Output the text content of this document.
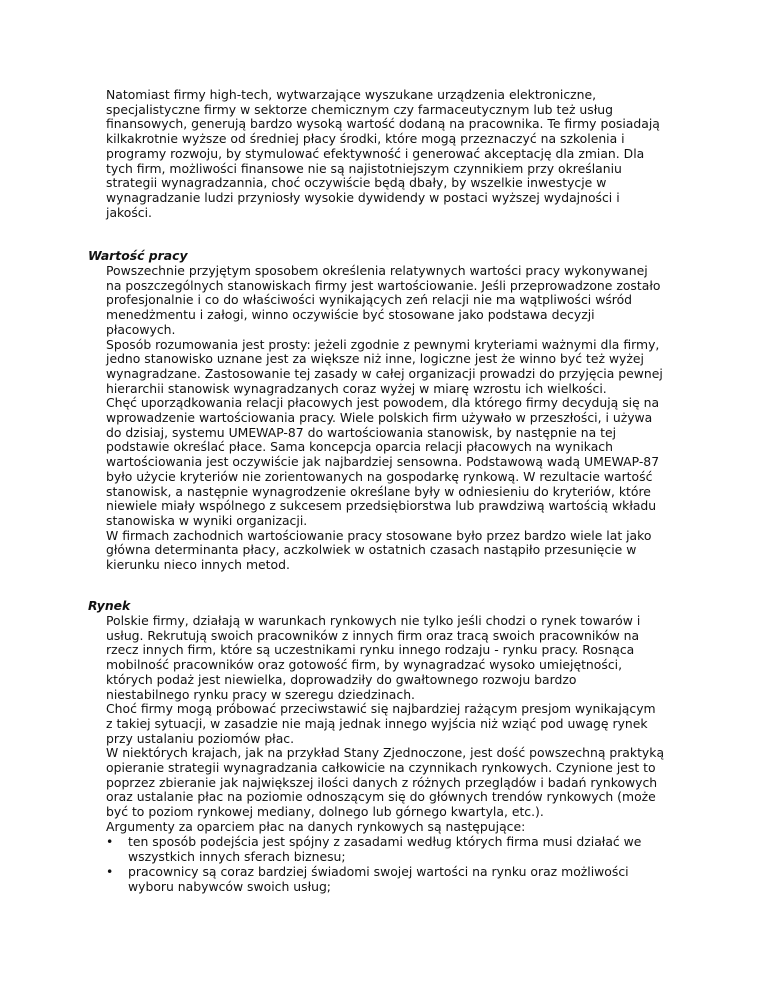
Natomiast firmy high-tech, wytwarzające wyszukane urządzenia elektroniczne,
specjalistyczne firmy w sektorze chemicznym czy farmaceutycznym lub też usług
finansowych, generują bardzo wysoką wartość dodaną na pracownika. Te firmy posiadają
kilkakrotnie wyższe od średniej płacy środki, które mogą przeznaczyć na szkolenia i
programy rozwoju, by stymulować efektywność i generować akceptację dla zmian. Dla
tych firm, możliwości finansowe nie są najistotniejszym czynnikiem przy określaniu
strategii wynagradzannia, choć oczywiście będą dbały, by wszelkie inwestycje w
wynagradzanie ludzi przyniosły wysokie dywidendy w postaci wyższej wydajności i
jakości.
Wartość pracy
Powszechnie przyjętym sposobem określenia relatywnych wartości pracy wykonywanej
na poszczególnych stanowiskach firmy jest wartościowanie. Jeśli przeprowadzone zostało
profesjonalnie i co do właściwości wynikających zeń relacji nie ma wątpliwości wśród
menedżmentu i załogi, winno oczywiście być stosowane jako podstawa decyzji
płacowych.
Sposób rozumowania jest prosty: jeżeli zgodnie z pewnymi kryteriami ważnymi dla firmy,
jedno stanowisko uznane jest za większe niż inne, logiczne jest że winno być też wyżej
wynagradzane. Zastosowanie tej zasady w całej organizacji prowadzi do przyjęcia pewnej
hierarchii stanowisk wynagradzanych coraz wyżej w miarę wzrostu ich wielkości.
Chęć uporządkowania relacji płacowych jest powodem, dla którego firmy decydują się na
wprowadzenie wartościowania pracy. Wiele polskich firm używało w przeszłości, i używa
do dzisiaj, systemu UMEWAP-87 do wartościowania stanowisk, by następnie na tej
podstawie określać płace. Sama koncepcja oparcia relacji płacowych na wynikach
wartościowania jest oczywiście jak najbardziej sensowna. Podstawową wadą UMEWAP-87
było użycie kryteriów nie zorientowanych na gospodarkę rynkową. W rezultacie wartość
stanowisk, a następnie wynagrodzenie określane były w odniesieniu do kryteriów, które
niewiele miały wspólnego z sukcesem przedsiębiorstwa lub prawdziwą wartością wkładu
stanowiska w wyniki organizacji.
W firmach zachodnich wartościowanie pracy stosowane było przez bardzo wiele lat jako
główna determinanta płacy, aczkolwiek w ostatnich czasach nastąpiło przesunięcie w
kierunku nieco innych metod.
Rynek
Polskie firmy, działają w warunkach rynkowych nie tylko jeśli chodzi o rynek towarów i
usług. Rekrutują swoich pracowników z innych firm oraz tracą swoich pracowników na
rzecz innych firm, które są uczestnikami rynku innego rodzaju - rynku pracy. Rosnąca
mobilność pracowników oraz gotowość firm, by wynagradzać wysoko umiejętności,
których podaż jest niewielka, doprowadziły do gwałtownego rozwoju bardzo
niestabilnego rynku pracy w szeregu dziedzinach.
Choć firmy mogą próbować przeciwstawić się najbardziej rażącym presjom wynikającym
z takiej sytuacji, w zasadzie nie mają jednak innego wyjścia niż wziąć pod uwagę rynek
przy ustalaniu poziomów płac.
W niektórych krajach, jak na przykład Stany Zjednoczone, jest dość powszechną praktyką
opieranie strategii wynagradzania całkowicie na czynnikach rynkowych. Czynione jest to
poprzez zbieranie jak największej ilości danych z różnych przeglądów i badań rynkowych
oraz ustalanie płac na poziomie odnoszącym się do głównych trendów rynkowych (może
być to poziom rynkowej mediany, dolnego lub górnego kwartyla, etc.).
Argumenty za oparciem płac na danych rynkowych są następujące:
•	ten sposób podejścia jest spójny z zasadami według których firma musi działać we
wszystkich innych sferach biznesu;
•	pracownicy są coraz bardziej świadomi swojej wartości na rynku oraz możliwości
wyboru nabywców swoich usług;
